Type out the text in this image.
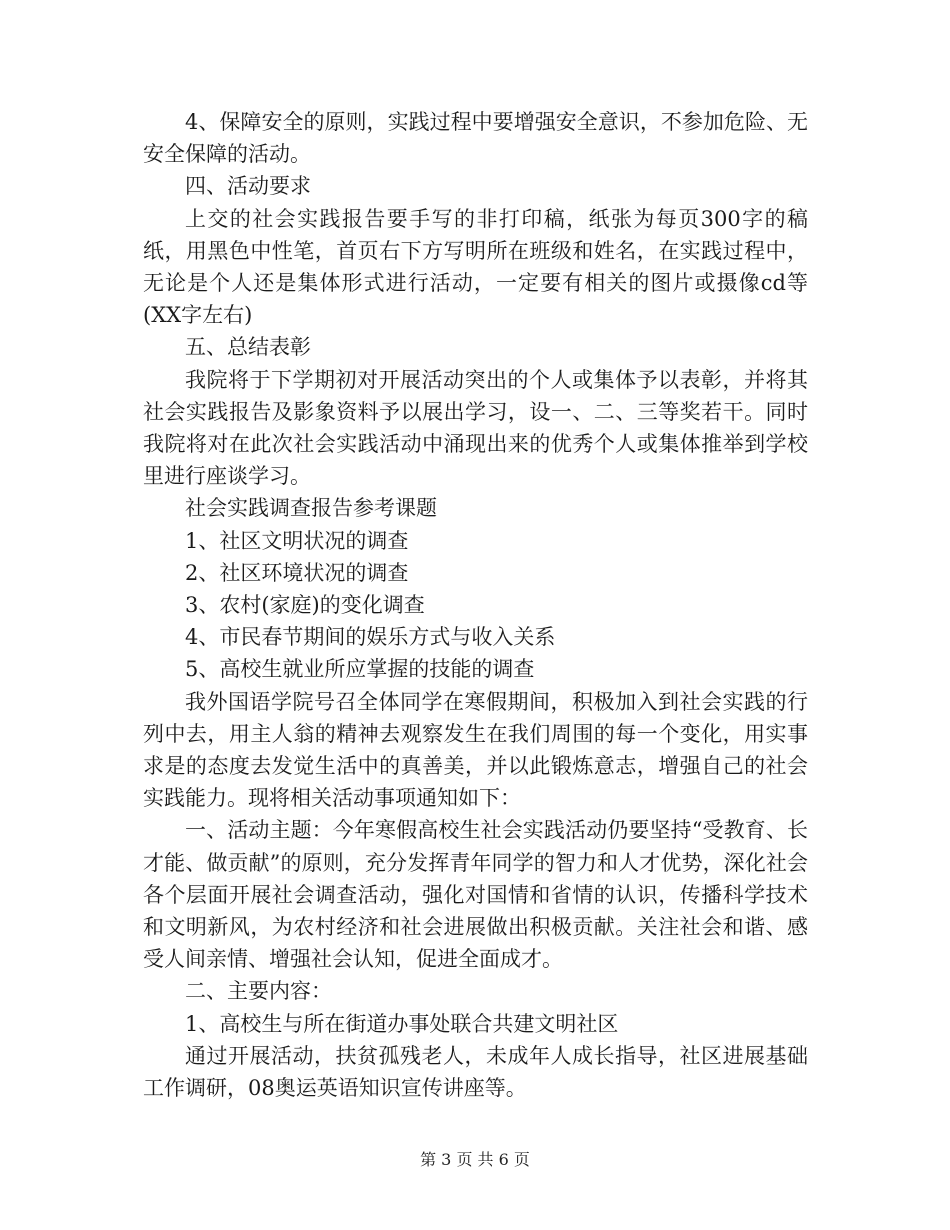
4、保障安全的原则，实践过程中要增强安全意识，不参加危险、无安全保障的活动。

四、活动要求

上交的社会实践报告要手写的非打印稿，纸张为每页300字的稿纸，用黑色中性笔，首页右下方写明所在班级和姓名，在实践过程中，无论是个人还是集体形式进行活动，一定要有相关的图片或摄像cd等(XX字左右)

五、总结表彰

我院将于下学期初对开展活动突出的个人或集体予以表彰，并将其社会实践报告及影象资料予以展出学习，设一、二、三等奖若干。同时我院将对在此次社会实践活动中涌现出来的优秀个人或集体推举到学校里进行座谈学习。

社会实践调查报告参考课题

1、社区文明状况的调查

2、社区环境状况的调查

3、农村(家庭)的变化调查

4、市民春节期间的娱乐方式与收入关系

5、高校生就业所应掌握的技能的调查

我外国语学院号召全体同学在寒假期间，积极加入到社会实践的行列中去，用主人翁的精神去观察发生在我们周围的每一个变化，用实事求是的态度去发觉生活中的真善美，并以此锻炼意志，增强自己的社会实践能力。现将相关活动事项通知如下：

一、活动主题：今年寒假高校生社会实践活动仍要坚持“受教育、长才能、做贡献”的原则，充分发挥青年同学的智力和人才优势，深化社会各个层面开展社会调查活动，强化对国情和省情的认识，传播科学技术和文明新风，为农村经济和社会进展做出积极贡献。关注社会和谐、感受人间亲情、增强社会认知，促进全面成才。

二、主要内容：

1、高校生与所在街道办事处联合共建文明社区

通过开展活动，扶贫孤残老人，未成年人成长指导，社区进展基础工作调研，08奥运英语知识宣传讲座等。

第 3 页 共 6 页
